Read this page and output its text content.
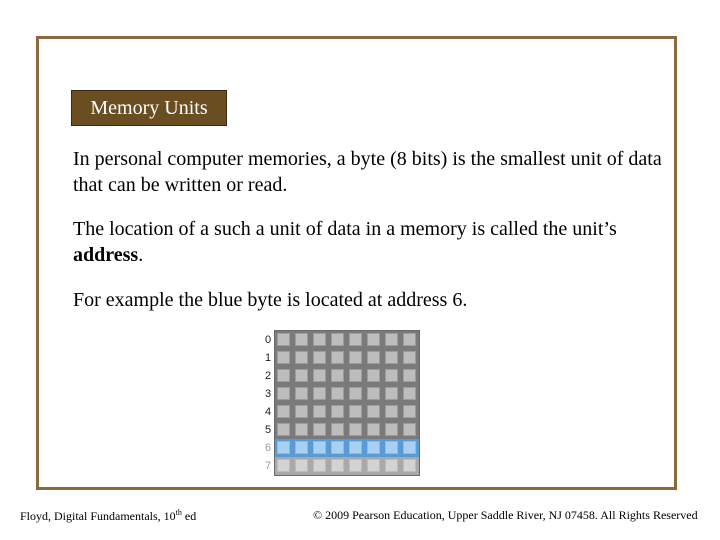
Memory Units

In personal computer memories, a byte (8 bits) is the smallest unit of data that can be written or read.

The location of a such a unit of data in a memory is called the unit’s address.

For example the blue byte is located at address 6.

0
1
2
3
4
5
6
7
Floyd, Digital Fundamentals, 10th ed	© 2009 Pearson Education, Upper Saddle River, NJ 07458. All Rights Reserved
